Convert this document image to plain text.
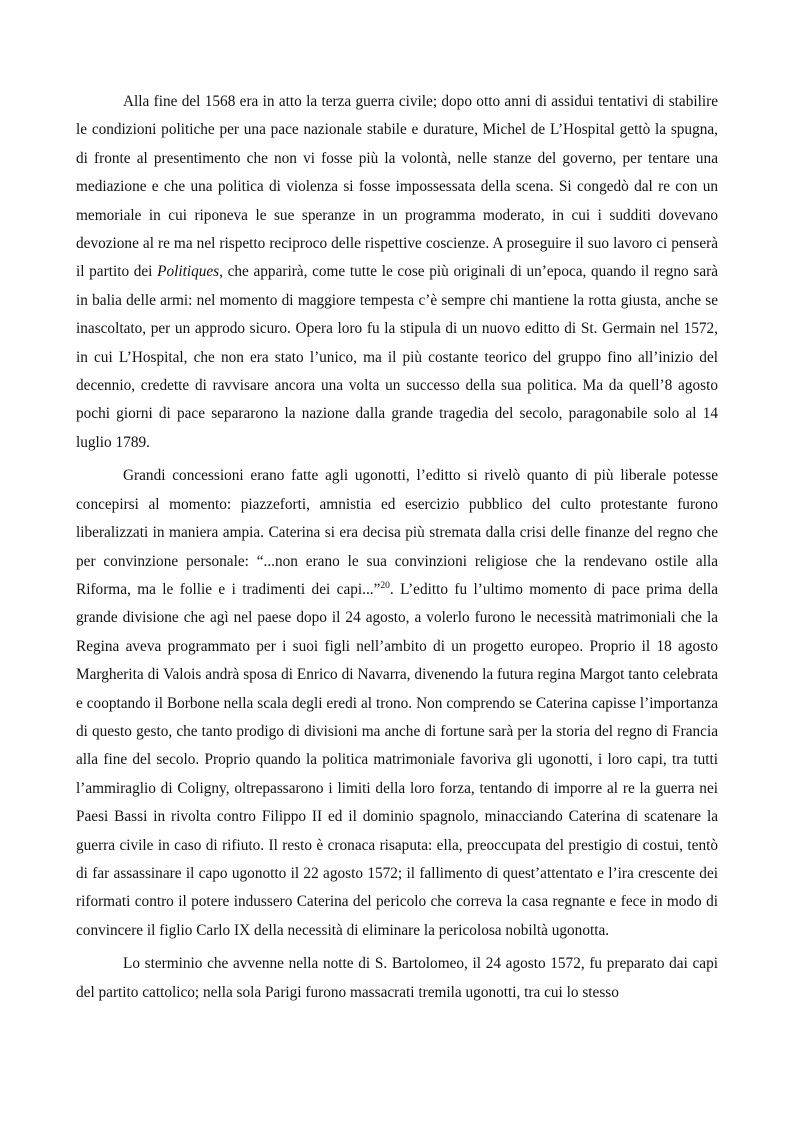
Alla fine del 1568 era in atto la terza guerra civile; dopo otto anni di assidui tentativi di stabilire le condizioni politiche per una pace nazionale stabile e durature, Michel de L’Hospital gettò la spugna, di fronte al presentimento che non vi fosse più la volontà, nelle stanze del governo, per tentare una mediazione e che una politica di violenza si fosse impossessata della scena. Si congedò dal re con un memoriale in cui riponeva le sue speranze in un programma moderato, in cui i sudditi dovevano devozione al re ma nel rispetto reciproco delle rispettive coscienze. A proseguire il suo lavoro ci penserà il partito dei Politiques, che apparirà, come tutte le cose più originali di un’epoca, quando il regno sarà in balia delle armi: nel momento di maggiore tempesta c’è sempre chi mantiene la rotta giusta, anche se inascoltato, per un approdo sicuro. Opera loro fu la stipula di un nuovo editto di St. Germain nel 1572, in cui L’Hospital, che non era stato l’unico, ma il più costante teorico del gruppo fino all’inizio del decennio, credette di ravvisare ancora una volta un successo della sua politica. Ma da quell’8 agosto pochi giorni di pace separarono la nazione dalla grande tragedia del secolo, paragonabile solo al 14 luglio 1789.

Grandi concessioni erano fatte agli ugonotti, l’editto si rivelò quanto di più liberale potesse concepirsi al momento: piazzeforti, amnistia ed esercizio pubblico del culto protestante furono liberalizzati in maniera ampia. Caterina si era decisa più stremata dalla crisi delle finanze del regno che per convinzione personale: “...non erano le sua convinzioni religiose che la rendevano ostile alla Riforma, ma le follie e i tradimenti dei capi...”$^{20}$. L’editto fu l’ultimo momento di pace prima della grande divisione che agì nel paese dopo il 24 agosto, a volerlo furono le necessità matrimoniali che la Regina aveva programmato per i suoi figli nell’ambito di un progetto europeo. Proprio il 18 agosto Margherita di Valois andrà sposa di Enrico di Navarra, divenendo la futura regina Margot tanto celebrata e cooptando il Borbone nella scala degli eredi al trono. Non comprendo se Caterina capisse l’importanza di questo gesto, che tanto prodigo di divisioni ma anche di fortune sarà per la storia del regno di Francia alla fine del secolo. Proprio quando la politica matrimoniale favoriva gli ugonotti, i loro capi, tra tutti l’ammiraglio di Coligny, oltrepassarono i limiti della loro forza, tentando di imporre al re la guerra nei Paesi Bassi in rivolta contro Filippo II ed il dominio spagnolo, minacciando Caterina di scatenare la guerra civile in caso di rifiuto. Il resto è cronaca risaputa: ella, preoccupata del prestigio di costui, tentò di far assassinare il capo ugonotto il 22 agosto 1572; il fallimento di quest’attentato e l’ira crescente dei riformati contro il potere indussero Caterina del pericolo che correva la casa regnante e fece in modo di convincere il figlio Carlo IX della necessità di eliminare la pericolosa nobiltà ugonotta.

Lo sterminio che avvenne nella notte di S. Bartolomeo, il 24 agosto 1572, fu preparato dai capi del partito cattolico; nella sola Parigi furono massacrati tremila ugonotti, tra cui lo stesso
